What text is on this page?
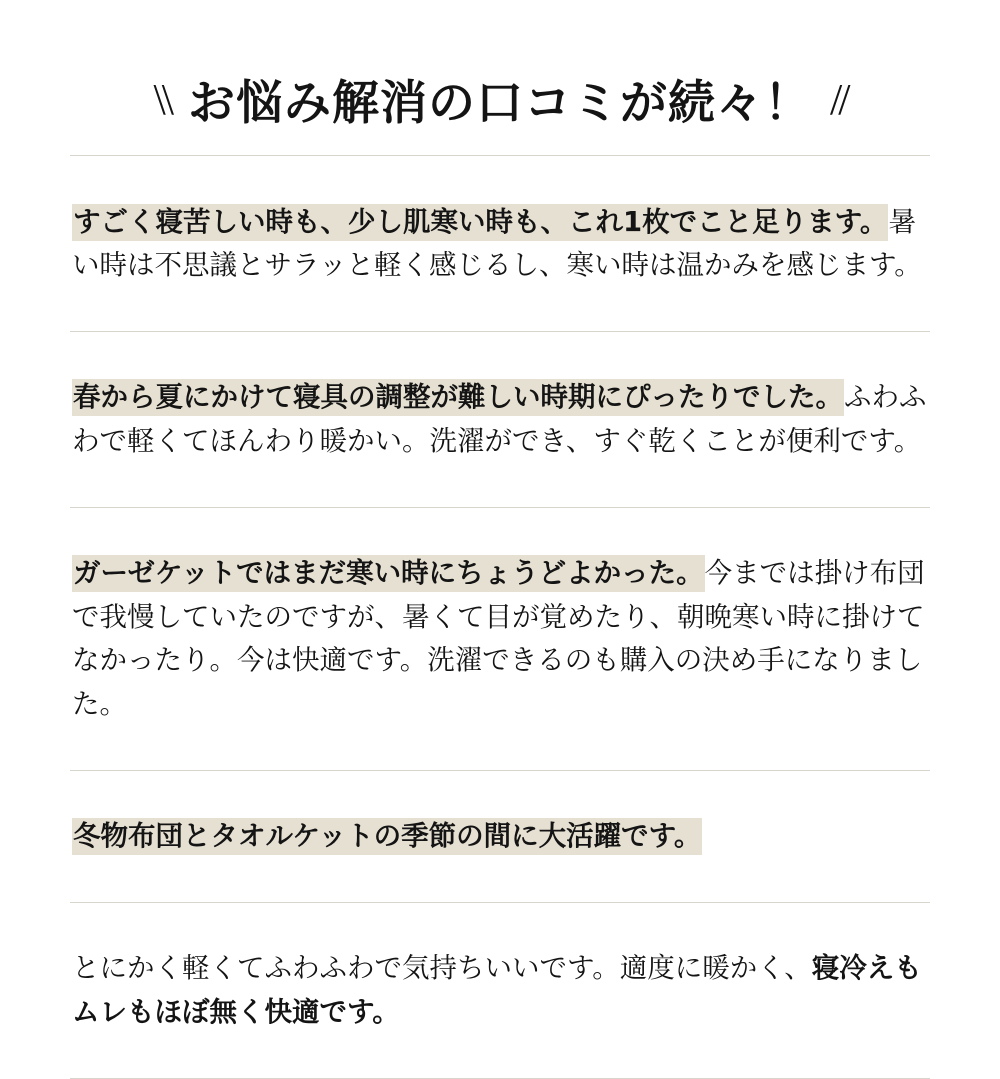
\\ お悩み解消の口コミが続々！ //

すごく寝苦しい時も、少し肌寒い時も、これ1枚でこと足ります。暑い時は不思議とサラッと軽く感じるし、寒い時は温かみを感じます。

春から夏にかけて寝具の調整が難しい時期にぴったりでした。ふわふわで軽くてほんわり暖かい。洗濯ができ、すぐ乾くことが便利です。

ガーゼケットではまだ寒い時にちょうどよかった。今までは掛け布団で我慢していたのですが、暑くて目が覚めたり、朝晩寒い時に掛けてなかったり。今は快適です。洗濯できるのも購入の決め手になりました。

冬物布団とタオルケットの季節の間に大活躍です。

とにかく軽くてふわふわで気持ちいいです。適度に暖かく、寝冷えもムレもほぼ無く快適です。
